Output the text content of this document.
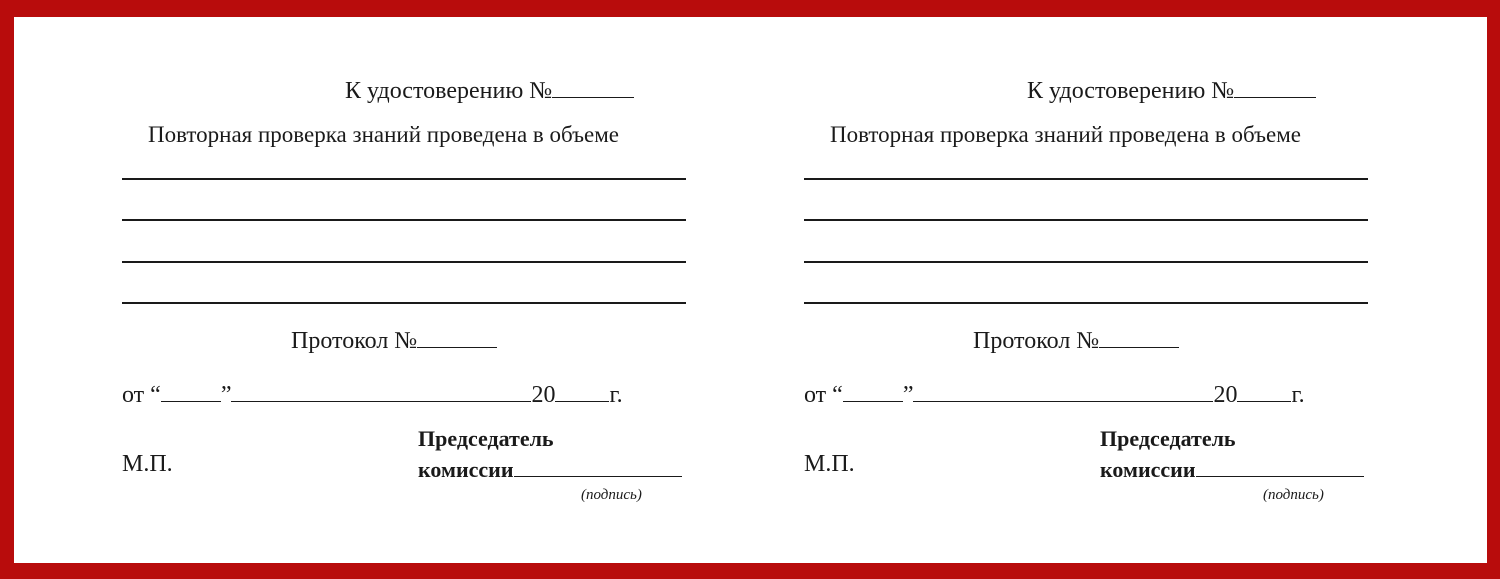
К удостоверению №
Повторная проверка знаний проведена в объеме
Протокол №
от “	”	20 г.
М.П.
Председатель
комиссии
(подпись)
К удостоверению №
Повторная проверка знаний проведена в объеме
Протокол №
от “	”	20 г.
М.П.
Председатель
комиссии
(подпись)
